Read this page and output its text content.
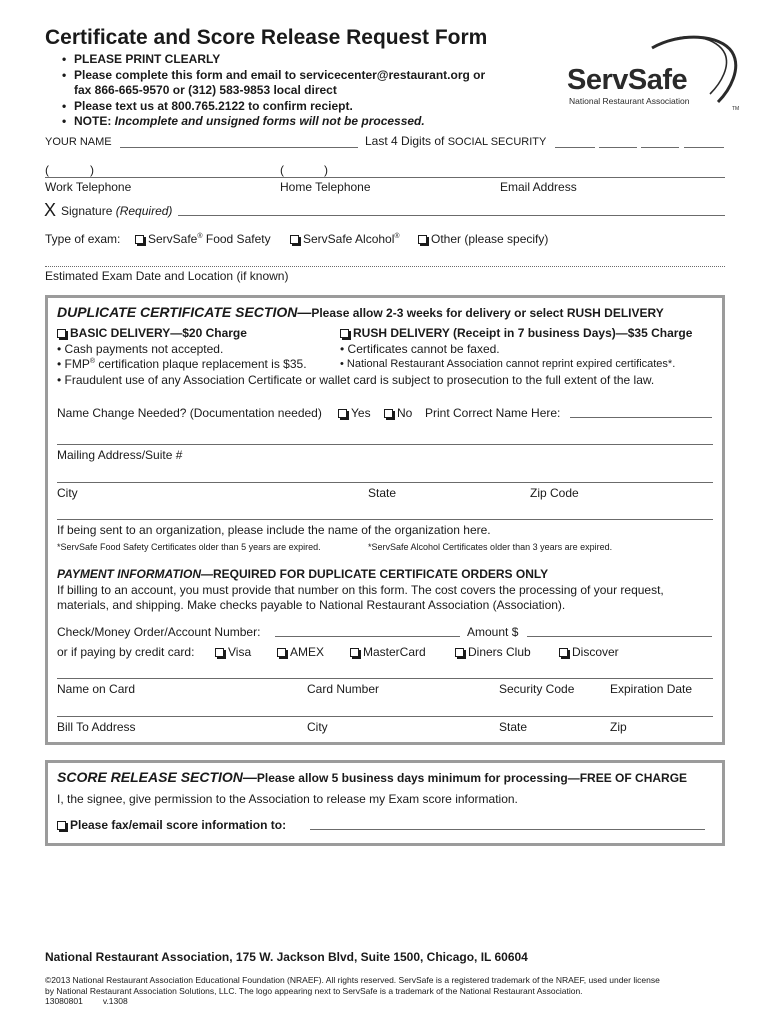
Certificate and Score Release Request Form
• PLEASE PRINT CLEARLY
• Please complete this form and email to servicecenter@restaurant.org or
fax 866-665-9570 or (312) 583-9853 local direct
• Please text us at 800.765.2122 to confirm reciept.
• NOTE: Incomplete and unsigned forms will not be processed.
ServSafe
National Restaurant Association
TM
YOUR NAME	Last 4 Digits of SOCIAL SECURITY
(	)	(	)
Work Telephone	Home Telephone	Email Address
X Signature (Required)
Type of exam:	ServSafe® Food Safety	ServSafe Alcohol®	Other (please specify)
Estimated Exam Date and Location (if known)
DUPLICATE CERTIFICATE SECTION—Please allow 2-3 weeks for delivery or select RUSH DELIVERY
BASIC DELIVERY—$20 Charge	RUSH DELIVERY (Receipt in 7 business Days)—$35 Charge
• Cash payments not accepted.	• Certificates cannot be faxed.
• FMP® certification plaque replacement is $35.	• National Restaurant Association cannot reprint expired certificates*.
• Fraudulent use of any Association Certificate or wallet card is subject to prosecution to the full extent of the law.
Name Change Needed? (Documentation needed)	Yes	No Print Correct Name Here:
Mailing Address/Suite #
City	State	Zip Code
If being sent to an organization, please include the name of the organization here.
*ServSafe Food Safety Certificates older than 5 years are expired.	*ServSafe Alcohol Certificates older than 3 years are expired.
PAYMENT INFORMATION—REQUIRED FOR DUPLICATE CERTIFICATE ORDERS ONLY
If billing to an account, you must provide that number on this form. The cost covers the processing of your request,
materials, and shipping. Make checks payable to National Restaurant Association (Association).
Check/Money Order/Account Number:	Amount $
or if paying by credit card:	Visa	AMEX	MasterCard	Diners Club	Discover
Name on Card	Card Number	Security Code	Expiration Date
Bill To Address	City	State	Zip
SCORE RELEASE SECTION—Please allow 5 business days minimum for processing—FREE OF CHARGE
I, the signee, give permission to the Association to release my Exam score information.
Please fax/email score information to:
National Restaurant Association, 175 W. Jackson Blvd, Suite 1500, Chicago, IL 60604
©2013 National Restaurant Association Educational Foundation (NRAEF). All rights reserved. ServSafe is a registered trademark of the NRAEF, used under license
by National Restaurant Association Solutions, LLC. The logo appearing next to ServSafe is a trademark of the National Restaurant Association.
13080801 v.1308
